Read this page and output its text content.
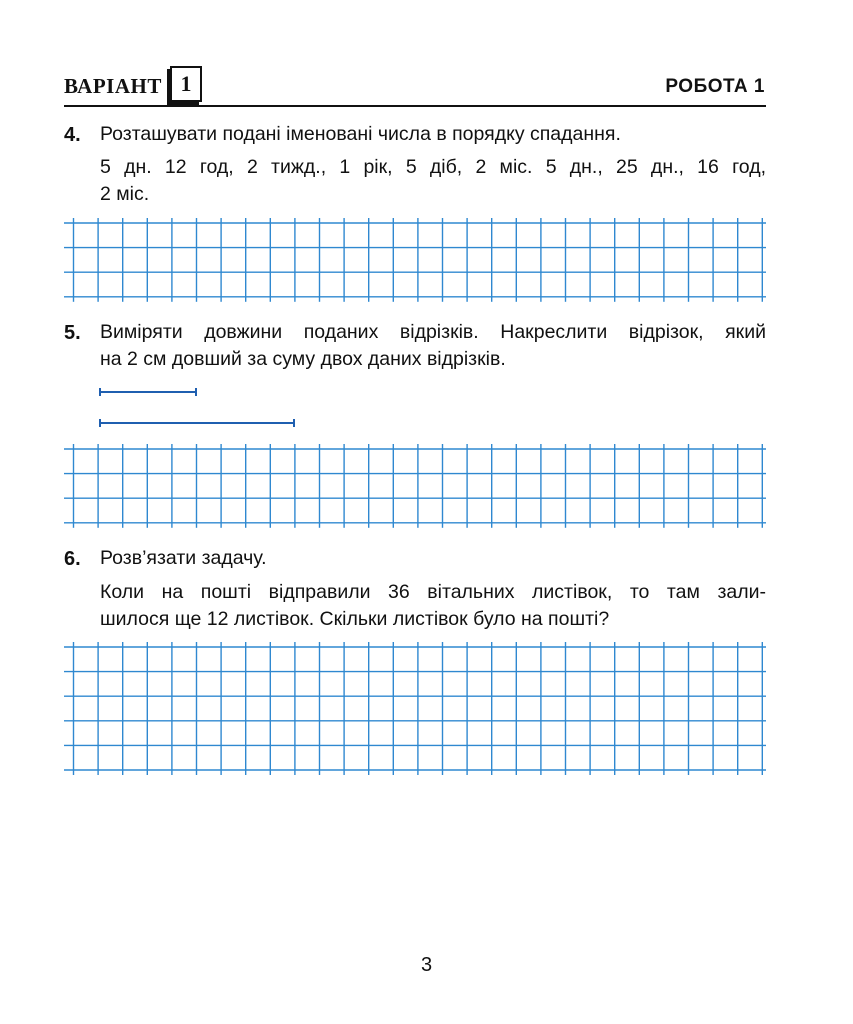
ВАРІАНТ 1	РОБОТА 1
4. Розташувати подані іменовані числа в порядку спадання.
5 дн. 12 год, 2 тижд., 1 рік, 5 діб, 2 міс. 5 дн., 25 дн., 16 год,
2 міс.
5. Виміряти довжини поданих відрізків. Накреслити відрізок, який
на 2 см довший за суму двох даних відрізків.
6. Розв’язати задачу.
Коли на пошті відправили 36 вітальних листівок, то там зали-
шилося ще 12 листівок. Скільки листівок було на пошті?
3
